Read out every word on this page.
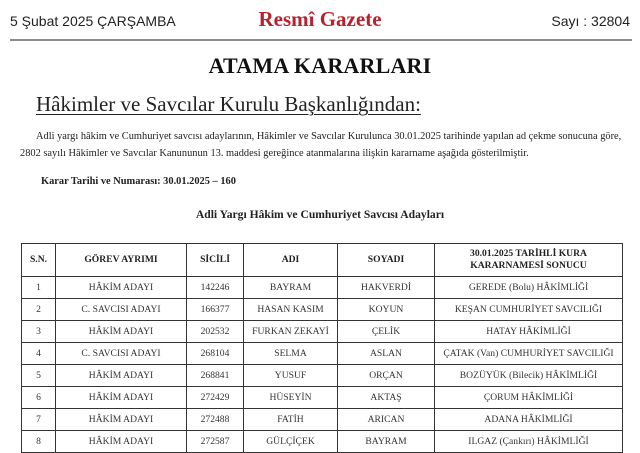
5 Şubat 2025 ÇARŞAMBA	Resmî Gazete	Sayı : 32804
ATAMA KARARLARI
Hâkimler ve Savcılar Kurulu Başkanlığından:
Adli yargı hâkim ve Cumhuriyet savcısı adaylarının, Hâkimler ve Savcılar Kurulunca 30.01.2025 tarihinde yapılan ad çekme sonucuna göre, 2802 sayılı Hâkimler ve Savcılar Kanununun 13. maddesi gereğince atanmalarına ilişkin kararname aşağıda gösterilmiştir.
Karar Tarihi ve Numarası: 30.01.2025 – 160
Adli Yargı Hâkim ve Cumhuriyet Savcısı Adayları
S.N.	GÖREV AYRIMI	SİCİLİ	ADI	SOYADI	30.01.2025 TARİHLİ KURA KARARNAMESİ SONUCU
1	HÂKİM ADAYI	142246	BAYRAM	HAKVERDİ	GEREDE (Bolu) HÂKİMLİĞİ
2	C. SAVCISI ADAYI	166377	HASAN KASIM	KOYUN	KEŞAN CUMHURİYET SAVCILIĞI
3	HÂKİM ADAYI	202532	FURKAN ZEKAYİ	ÇELİK	HATAY HÂKİMLİĞİ
4	C. SAVCISI ADAYI	268104	SELMA	ASLAN	ÇATAK (Van) CUMHURİYET SAVCILIĞI
5	HÂKİM ADAYI	268841	YUSUF	ORÇAN	BOZÜYÜK (Bilecik) HÂKİMLİĞİ
6	HÂKİM ADAYI	272429	HÜSEYİN	AKTAŞ	ÇORUM HÂKİMLİĞİ
7	HÂKİM ADAYI	272488	FATİH	ARICAN	ADANA HÂKİMLİĞİ
8	HÂKİM ADAYI	272587	GÜLÇİÇEK	BAYRAM	ILGAZ (Çankırı) HÂKİMLİĞİ
